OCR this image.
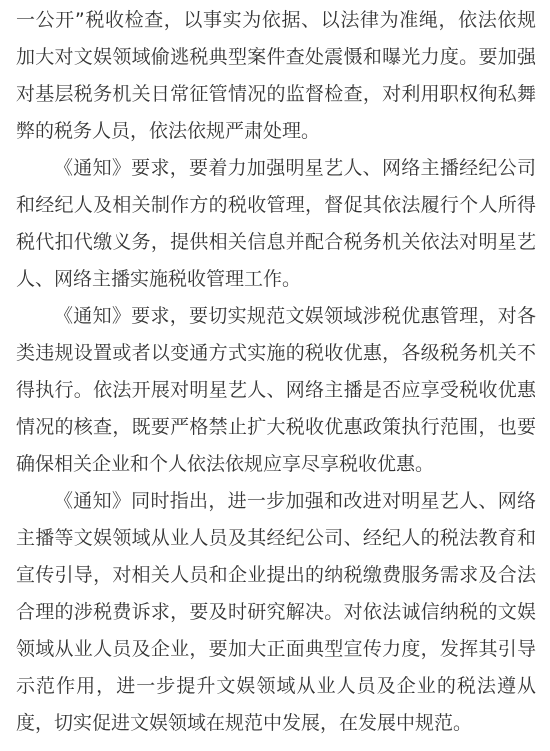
一公开”税收检查，以事实为依据、以法律为准绳，依法依规加大对文娱领域偷逃税典型案件查处震慑和曝光力度。要加强对基层税务机关日常征管情况的监督检查，对利用职权徇私舞弊的税务人员，依法依规严肃处理。

《通知》要求，要着力加强明星艺人、网络主播经纪公司和经纪人及相关制作方的税收管理，督促其依法履行个人所得税代扣代缴义务，提供相关信息并配合税务机关依法对明星艺人、网络主播实施税收管理工作。

《通知》要求，要切实规范文娱领域涉税优惠管理，对各类违规设置或者以变通方式实施的税收优惠，各级税务机关不得执行。依法开展对明星艺人、网络主播是否应享受税收优惠情况的核查，既要严格禁止扩大税收优惠政策执行范围，也要确保相关企业和个人依法依规应享尽享税收优惠。

《通知》同时指出，进一步加强和改进对明星艺人、网络主播等文娱领域从业人员及其经纪公司、经纪人的税法教育和宣传引导，对相关人员和企业提出的纳税缴费服务需求及合法合理的涉税费诉求，要及时研究解决。对依法诚信纳税的文娱领域从业人员及企业，要加大正面典型宣传力度，发挥其引导示范作用，进一步提升文娱领域从业人员及企业的税法遵从度，切实促进文娱领域在规范中发展，在发展中规范。
